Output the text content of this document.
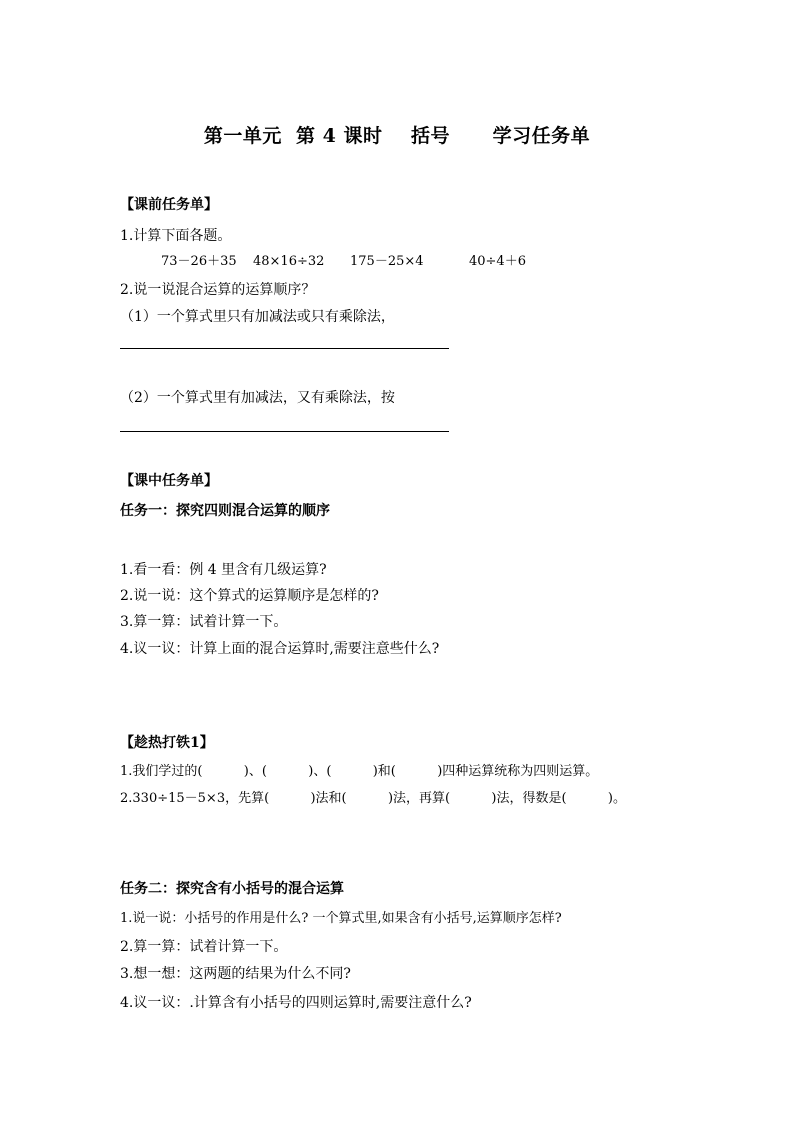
第一单元  第 4 课时    括号      学习任务单
【课前任务单】
1.计算下面各题。
73－26＋35 48×16÷32 175－25×4	40÷4＋6
2.说一说混合运算的运算顺序？
（1）一个算式里只有加减法或只有乘除法，
（2）一个算式里有加减法，又有乘除法，按
【课中任务单】
任务一：探究四则混合运算的顺序
1.看一看：例 4 里含有几级运算?
2.说一说：这个算式的运算顺序是怎样的?
3.算一算：试着计算一下。
4.议一议：计算上面的混合运算时,需要注意些什么?
【趁热打铁1】
1.我们学过的(          )、(          )、(          )和(          )四种运算统称为四则运算。
2.330÷15－5×3，先算(          )法和(          )法，再算(          )法，得数是(          )。
任务二：探究含有小括号的混合运算
1.说一说：小括号的作用是什么? 一个算式里,如果含有小括号,运算顺序怎样?
2.算一算：试着计算一下。
3.想一想：这两题的结果为什么不同?
4.议一议：.计算含有小括号的四则运算时,需要注意什么?
